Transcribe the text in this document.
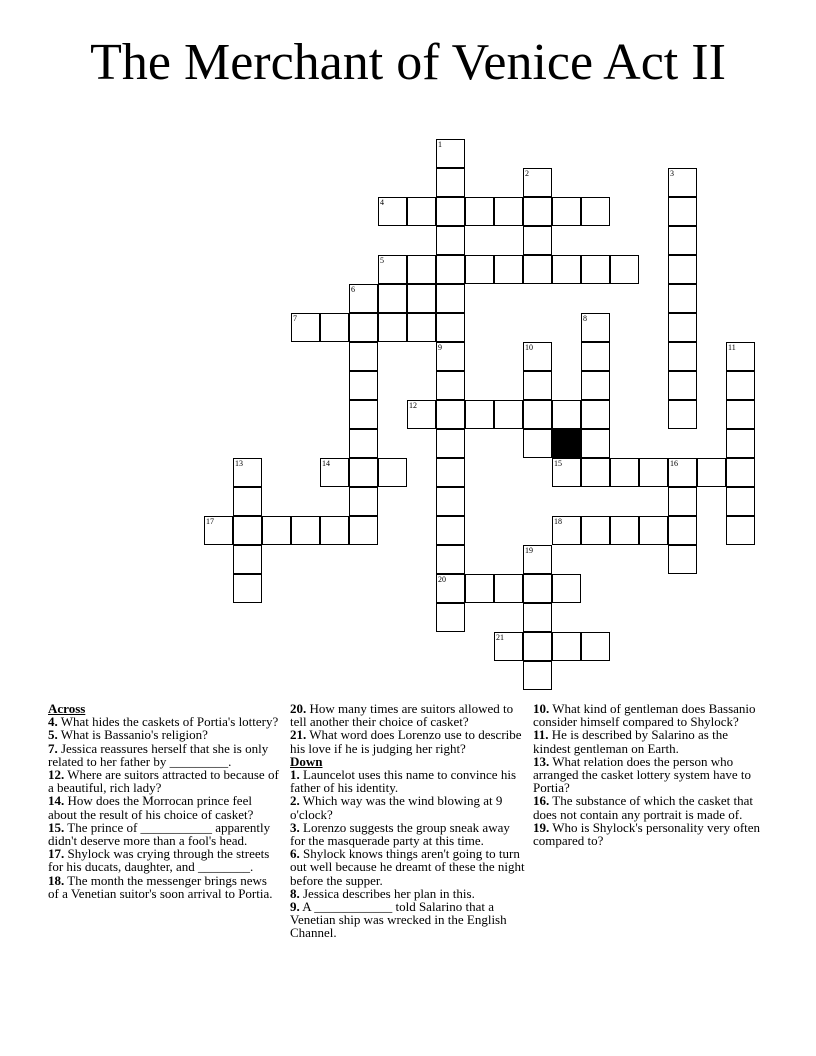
The Merchant of Venice Act II
1
9
2	3
4
5
6
7	8
10	11
12
13	14	15	16
17	18
19
20
21
Across
4. What hides the caskets of Portia's lottery?
5. What is Bassanio's religion?
7. Jessica reassures herself that she is only related to her father by _________.
12. Where are suitors attracted to because of a beautiful, rich lady?
14. How does the Morrocan prince feel about the result of his choice of casket?
15. The prince of ___________ apparently didn't deserve more than a fool's head.
17. Shylock was crying through the streets for his ducats, daughter, and ________.
18. The month the messenger brings news of a Venetian suitor's soon arrival to Portia.
20. How many times are suitors allowed to tell another their choice of casket?
21. What word does Lorenzo use to describe his love if he is judging her right?
Down
1. Launcelot uses this name to convince his father of his identity.
2. Which way was the wind blowing at 9 o'clock?
3. Lorenzo suggests the group sneak away for the masquerade party at this time.
6. Shylock knows things aren't going to turn out well because he dreamt of these the night before the supper.
8. Jessica describes her plan in this.
9. A ____________ told Salarino that a Venetian ship was wrecked in the English Channel.
10. What kind of gentleman does Bassanio consider himself compared to Shylock?
11. He is described by Salarino as the kindest gentleman on Earth.
13. What relation does the person who arranged the casket lottery system have to Portia?
16. The substance of which the casket that does not contain any portrait is made of.
19. Who is Shylock's personality very often compared to?
